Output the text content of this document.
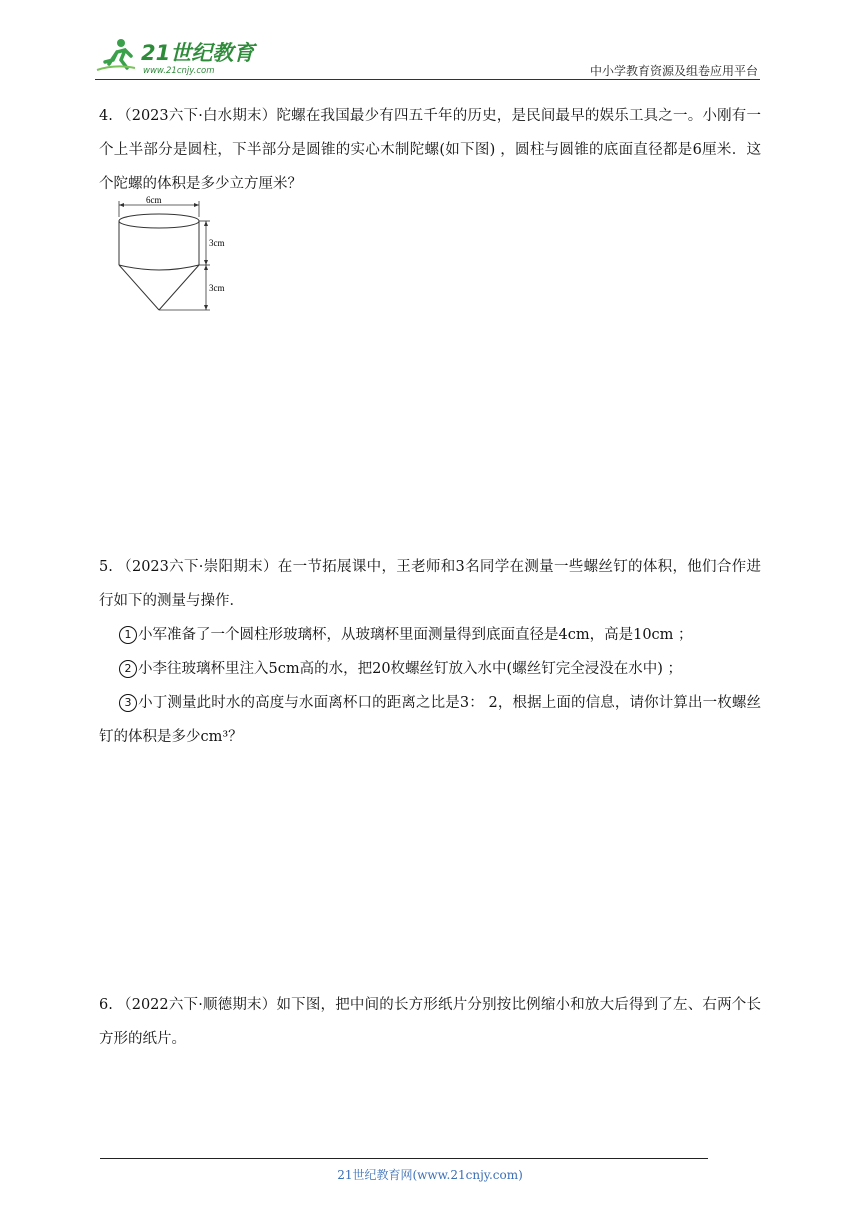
21世纪教育
www.21cnjy.com	中小学教育资源及组卷应用平台

4. （2023六下·白水期末）陀螺在我国最少有四五千年的历史，是民间最早的娱乐工具之一。小刚有一个上半部分是圆柱，下半部分是圆锥的实心木制陀螺(如下图) ，圆柱与圆锥的底面直径都是6厘米．这个陀螺的体积是多少立方厘米？

6cm
3cm
3cm

5. （2023六下·崇阳期末）在一节拓展课中，王老师和3名同学在测量一些螺丝钉的体积，他们合作进行如下的测量与操作．

1 小军准备了一个圆柱形玻璃杯，从玻璃杯里面测量得到底面直径是4cm，高是10cm ；

2 小李往玻璃杯里注入5cm高的水，把20枚螺丝钉放入水中(螺丝钉完全浸没在水中) ；

3 小丁测量此时水的高度与水面离杯口的距离之比是3： 2，根据上面的信息，请你计算出一枚螺丝钉的体积是多少cm³？

6. （2022六下·顺德期末）如下图，把中间的长方形纸片分别按比例缩小和放大后得到了左、右两个长方形的纸片。

21世纪教育网(www.21cnjy.com)
